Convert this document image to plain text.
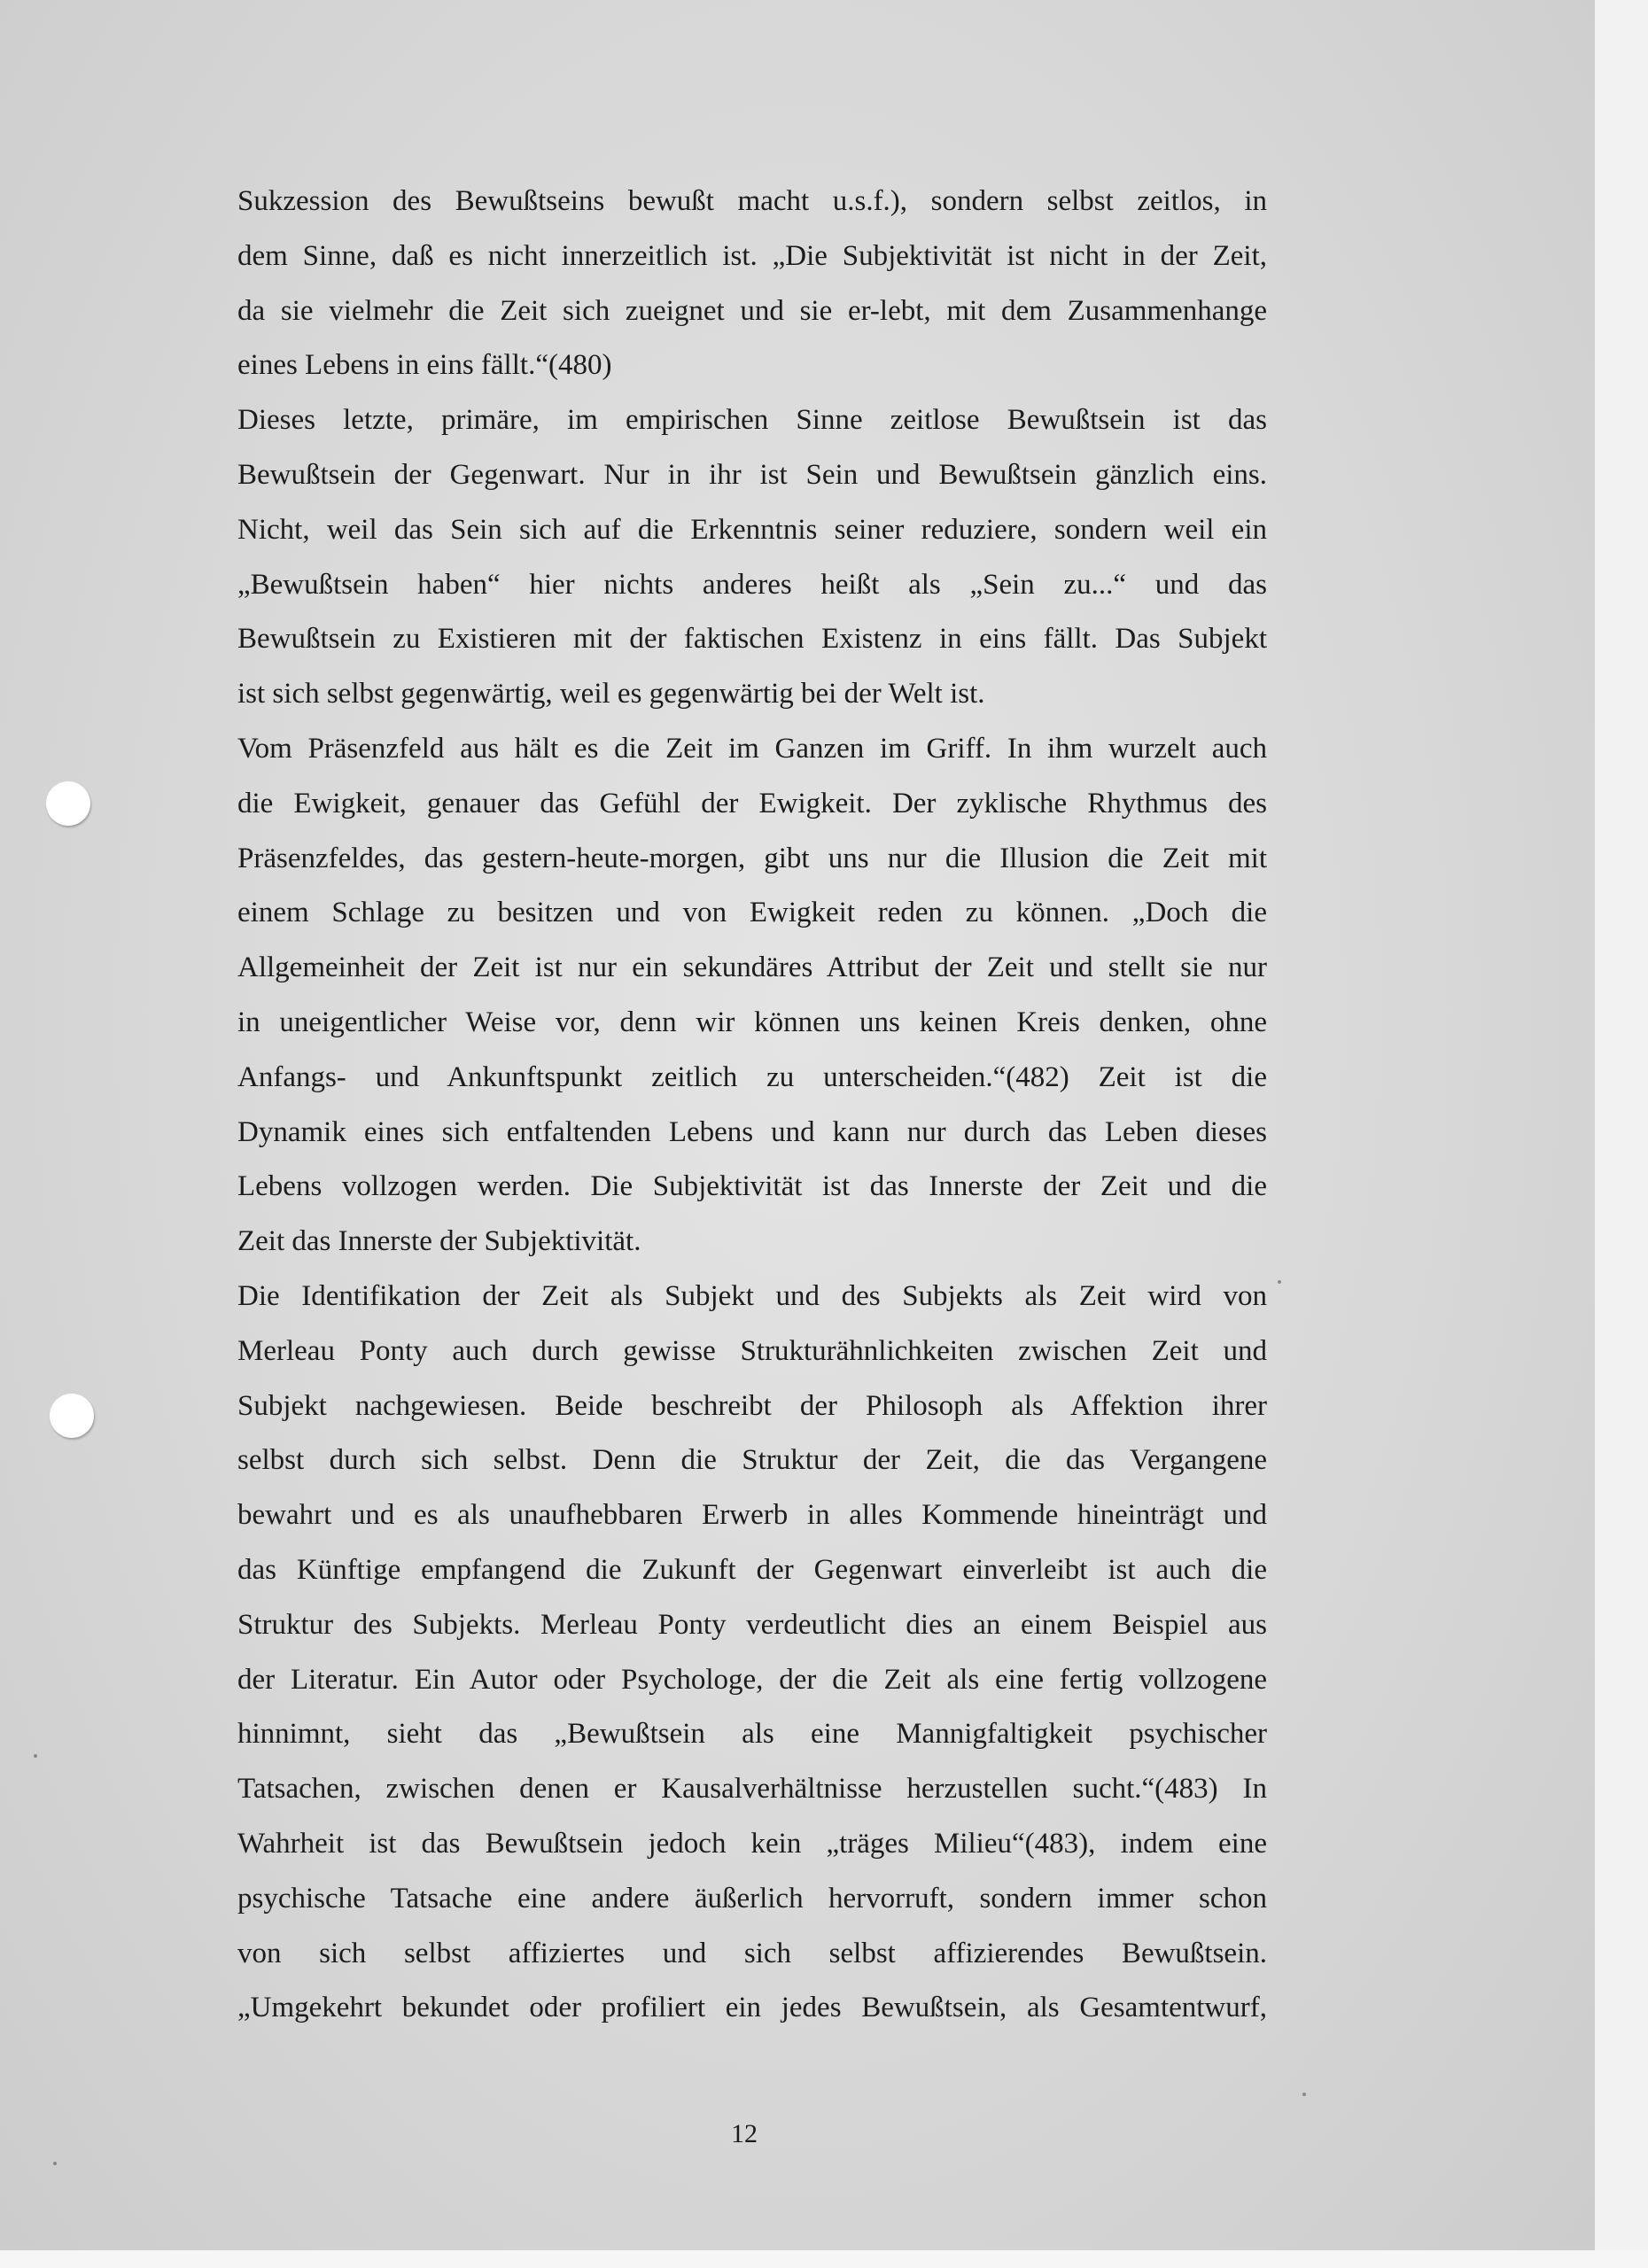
Sukzession des Bewußtseins bewußt macht u.s.f.), sondern selbst zeitlos, in
dem Sinne, daß es nicht innerzeitlich ist. „Die Subjektivität ist nicht in der Zeit,
da sie vielmehr die Zeit sich zueignet und sie er-lebt, mit dem Zusammenhange
eines Lebens in eins fällt.“(480)
Dieses letzte, primäre, im empirischen Sinne zeitlose Bewußtsein ist das
Bewußtsein der Gegenwart. Nur in ihr ist Sein und Bewußtsein gänzlich eins.
Nicht, weil das Sein sich auf die Erkenntnis seiner reduziere, sondern weil ein
„Bewußtsein haben“ hier nichts anderes heißt als „Sein zu...“ und das
Bewußtsein zu Existieren mit der faktischen Existenz in eins fällt. Das Subjekt
ist sich selbst gegenwärtig, weil es gegenwärtig bei der Welt ist.
Vom Präsenzfeld aus hält es die Zeit im Ganzen im Griff. In ihm wurzelt auch
die Ewigkeit, genauer das Gefühl der Ewigkeit. Der zyklische Rhythmus des
Präsenzfeldes, das gestern-heute-morgen, gibt uns nur die Illusion die Zeit mit
einem Schlage zu besitzen und von Ewigkeit reden zu können. „Doch die
Allgemeinheit der Zeit ist nur ein sekundäres Attribut der Zeit und stellt sie nur
in uneigentlicher Weise vor, denn wir können uns keinen Kreis denken, ohne
Anfangs- und Ankunftspunkt zeitlich zu unterscheiden.“(482) Zeit ist die
Dynamik eines sich entfaltenden Lebens und kann nur durch das Leben dieses
Lebens vollzogen werden. Die Subjektivität ist das Innerste der Zeit und die
Zeit das Innerste der Subjektivität.
Die Identifikation der Zeit als Subjekt und des Subjekts als Zeit wird von
Merleau Ponty auch durch gewisse Strukturähnlichkeiten zwischen Zeit und
Subjekt nachgewiesen. Beide beschreibt der Philosoph als Affektion ihrer
selbst durch sich selbst. Denn die Struktur der Zeit, die das Vergangene
bewahrt und es als unaufhebbaren Erwerb in alles Kommende hineinträgt und
das Künftige empfangend die Zukunft der Gegenwart einverleibt ist auch die
Struktur des Subjekts. Merleau Ponty verdeutlicht dies an einem Beispiel aus
der Literatur. Ein Autor oder Psychologe, der die Zeit als eine fertig vollzogene
hinnimnt, sieht das „Bewußtsein als eine Mannigfaltigkeit psychischer
Tatsachen, zwischen denen er Kausalverhältnisse herzustellen sucht.“(483) In
Wahrheit ist das Bewußtsein jedoch kein „träges Milieu“(483), indem eine
psychische Tatsache eine andere äußerlich hervorruft, sondern immer schon
von sich selbst affiziertes und sich selbst affizierendes Bewußtsein.
„Umgekehrt bekundet oder profiliert ein jedes Bewußtsein, als Gesamtentwurf,
12
